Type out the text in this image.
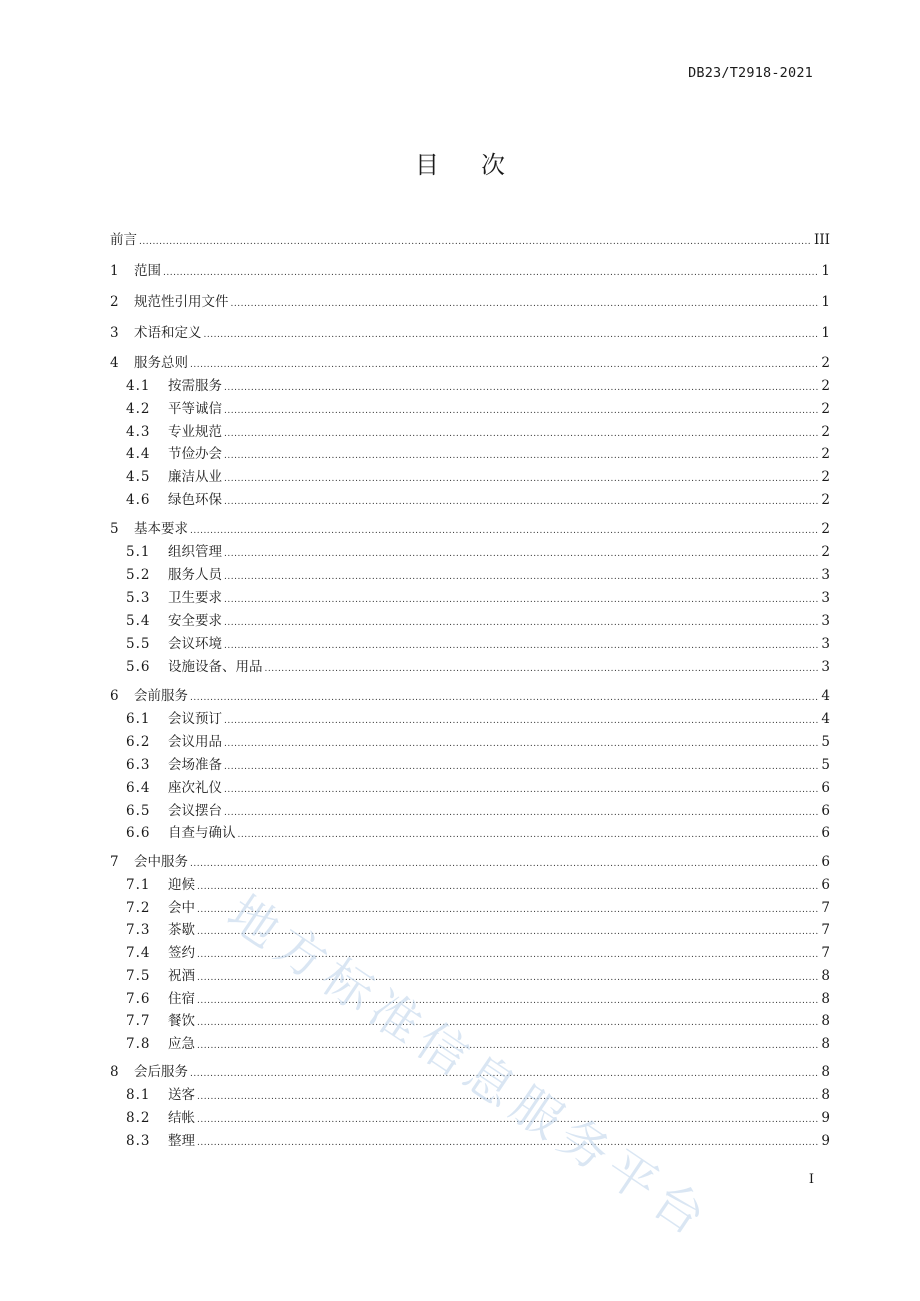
DB23/T2918-2021
目 次
前言 .....	III
1	范围 .....	1
2	规范性引用文件 .....	1
3	术语和定义 .....	1
4	服务总则 .....	2
4.1	按需服务 .....	2
4.2	平等诚信 .....	2
4.3	专业规范 .....	2
4.4	节俭办会 .....	2
4.5	廉洁从业 .....	2
4.6	绿色环保 .....	2
5	基本要求 .....	2
5.1	组织管理 .....	2
5.2	服务人员 .....	3
5.3	卫生要求 .....	3
5.4	安全要求 .....	3
5.5	会议环境 .....	3
5.6	设施设备、用品 .....	3
6	会前服务 .....	4
6.1	会议预订 .....	4
6.2	会议用品 .....	5
6.3	会场准备 .....	5
6.4	座次礼仪 .....	6
6.5	会议摆台 .....	6
6.6	自查与确认 .....	6
7	会中服务 .....	6
7.1	迎候 .....	6
7.2	会中 .....	7
7.3	茶歇 .....	7
7.4	签约 .....	7
7.5	祝酒 .....	8
7.6	住宿 .....	8
7.7	餐饮 .....	8
7.8	应急 .....	8
8	会后服务 .....	8
8.1	送客 .....	8
8.2	结帐 .....	9
8.3	整理 .....	9
I
地方标准信息服务平台
